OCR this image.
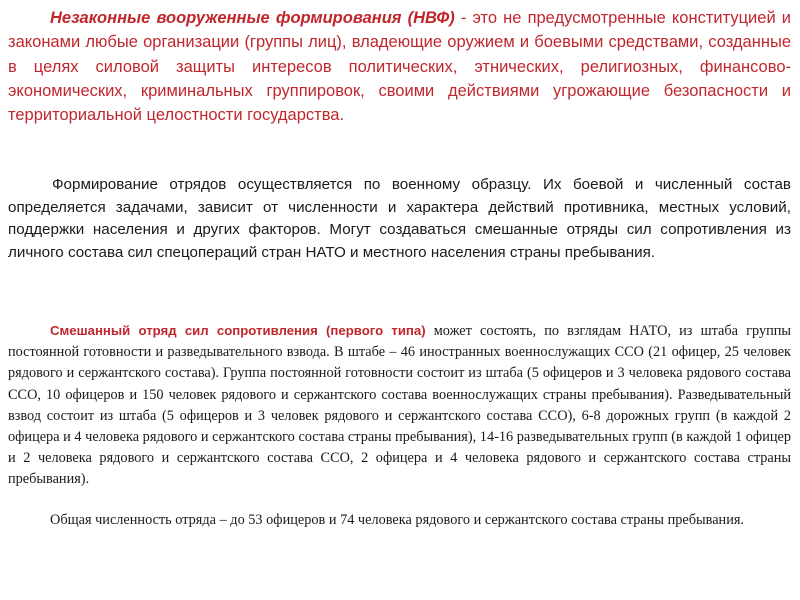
Незаконные вооруженные формирования (НВФ) - это не предусмотренные конституцией и законами любые организации (группы лиц), владеющие оружием и боевыми средствами, созданные в целях силовой защиты интересов политических, этнических, религиозных, финансово-экономических, криминальных группировок, своими действиями угрожающие безопасности и территориальной целостности государства.

Формирование отрядов осуществляется по военному образцу. Их боевой и численный состав определяется задачами, зависит от численности и характера действий противника, местных условий, поддержки населения и других факторов. Могут создаваться смешанные отряды сил сопротивления из личного состава сил спецопераций стран НАТО и местного населения страны пребывания.

Смешанный отряд сил сопротивления (первого типа) может состоять, по взглядам НАТО, из штаба группы постоянной готовности и разведывательного взвода. В штабе – 46 иностранных военнослужащих ССО (21 офицер, 25 человек рядового и сержантского состава). Группа постоянной готовности состоит из штаба (5 офицеров и 3 человека рядового состава ССО, 10 офицеров и 150 человек рядового и сержантского состава военнослужащих страны пребывания). Разведывательный взвод состоит из штаба (5 офицеров и 3 человек рядового и сержантского состава ССО), 6-8 дорожных групп (в каждой 2 офицера и 4 человека рядового и сержантского состава страны пребывания), 14-16 разведывательных групп (в каждой 1 офицер и 2 человека рядового и сержантского состава ССО, 2 офицера и 4 человека рядового и сержантского состава страны пребывания).

Общая численность отряда – до 53 офицеров и 74 человека рядового и сержантского состава страны пребывания.
